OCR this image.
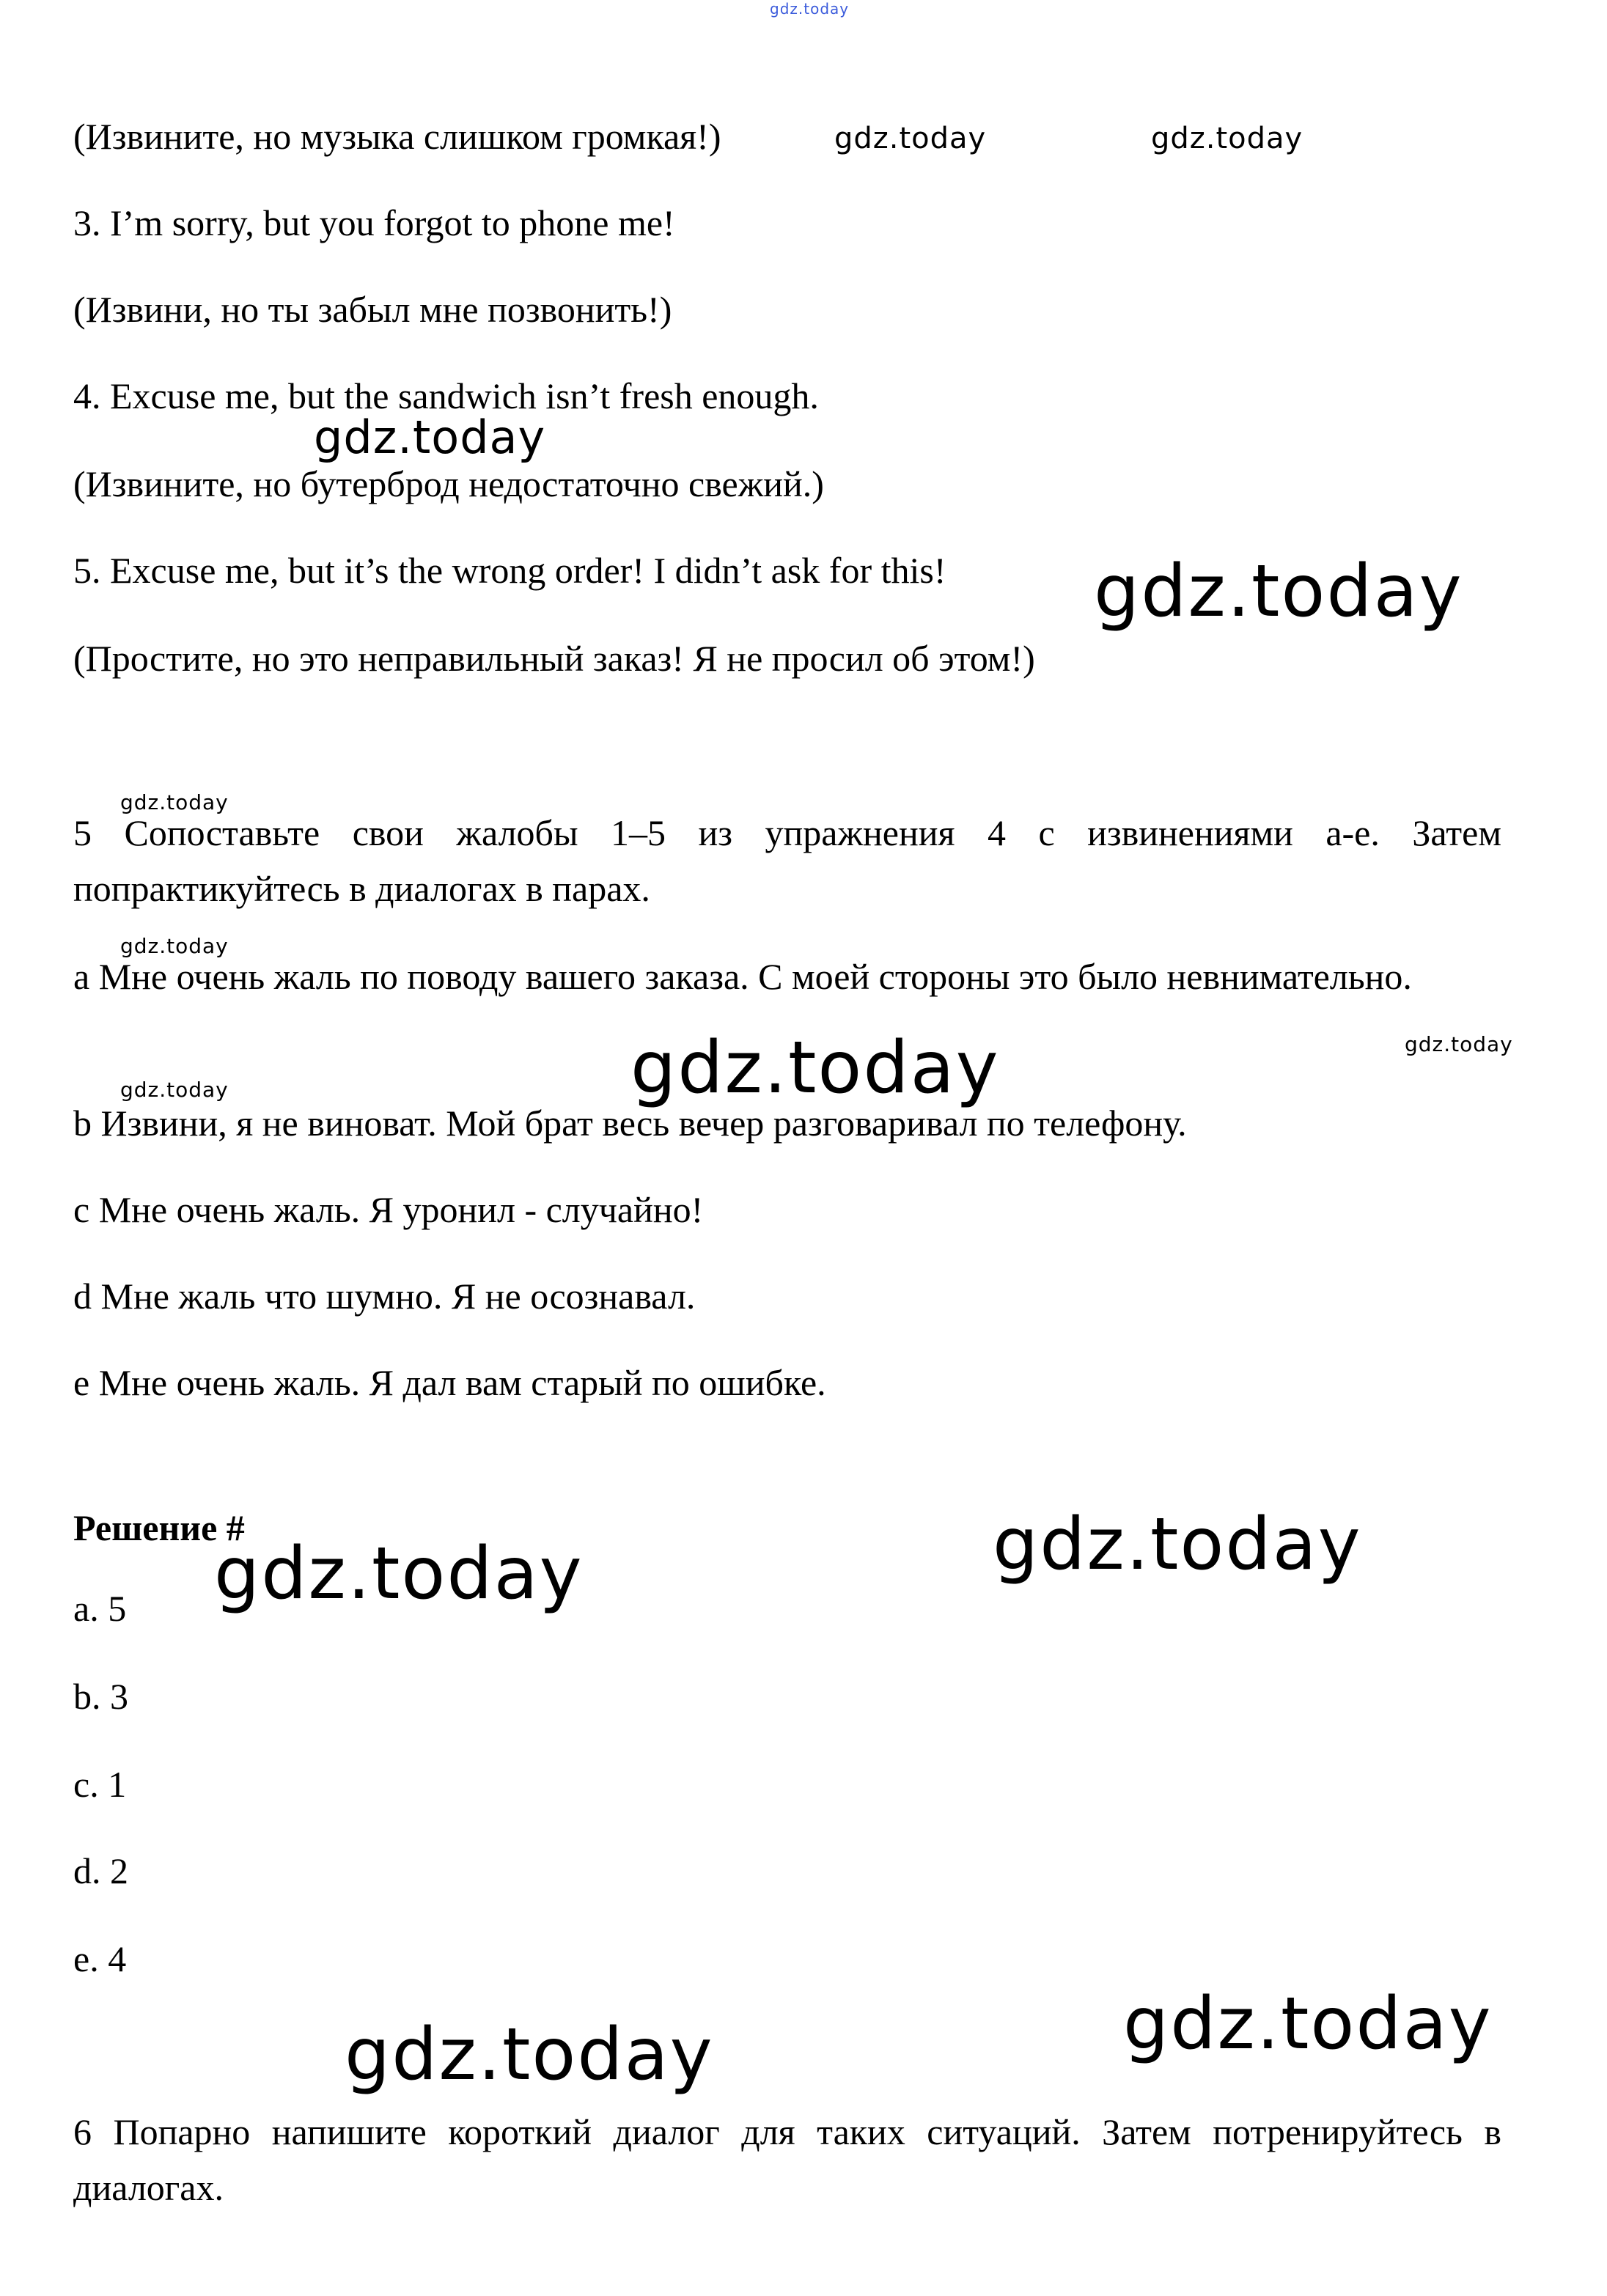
gdz.today
gdz.today	gdz.today
gdz.today
gdz.today
gdz.today
gdz.today
gdz.today
gdz.today
gdz.today
gdz.today
gdz.today
gdz.today
gdz.today
(Извините, но музыка слишком громкая!)
3. I’m sorry, but you forgot to phone me!
(Извини, но ты забыл мне позвонить!)
4. Excuse me, but the sandwich isn’t fresh enough.
(Извините, но бутерброд недостаточно свежий.)
5. Excuse me, but it’s the wrong order! I didn’t ask for this!
(Простите, но это неправильный заказ! Я не просил об этом!)
5 Сопоставьте свои жалобы 1–5 из упражнения 4 с извинениями a-e. Затем попрактикуйтесь в диалогах в парах.
a Мне очень жаль по поводу вашего заказа. С моей стороны это было невнимательно.
b Извини, я не виноват. Мой брат весь вечер разговаривал по телефону.
c Мне очень жаль. Я уронил - случайно!
d Мне жаль что шумно. Я не осознавал.
e Мне очень жаль. Я дал вам старый по ошибке.
Решение #
a. 5
b. 3
c. 1
d. 2
e. 4
6 Попарно напишите короткий диалог для таких ситуаций. Затем потренируйтесь в диалогах.
